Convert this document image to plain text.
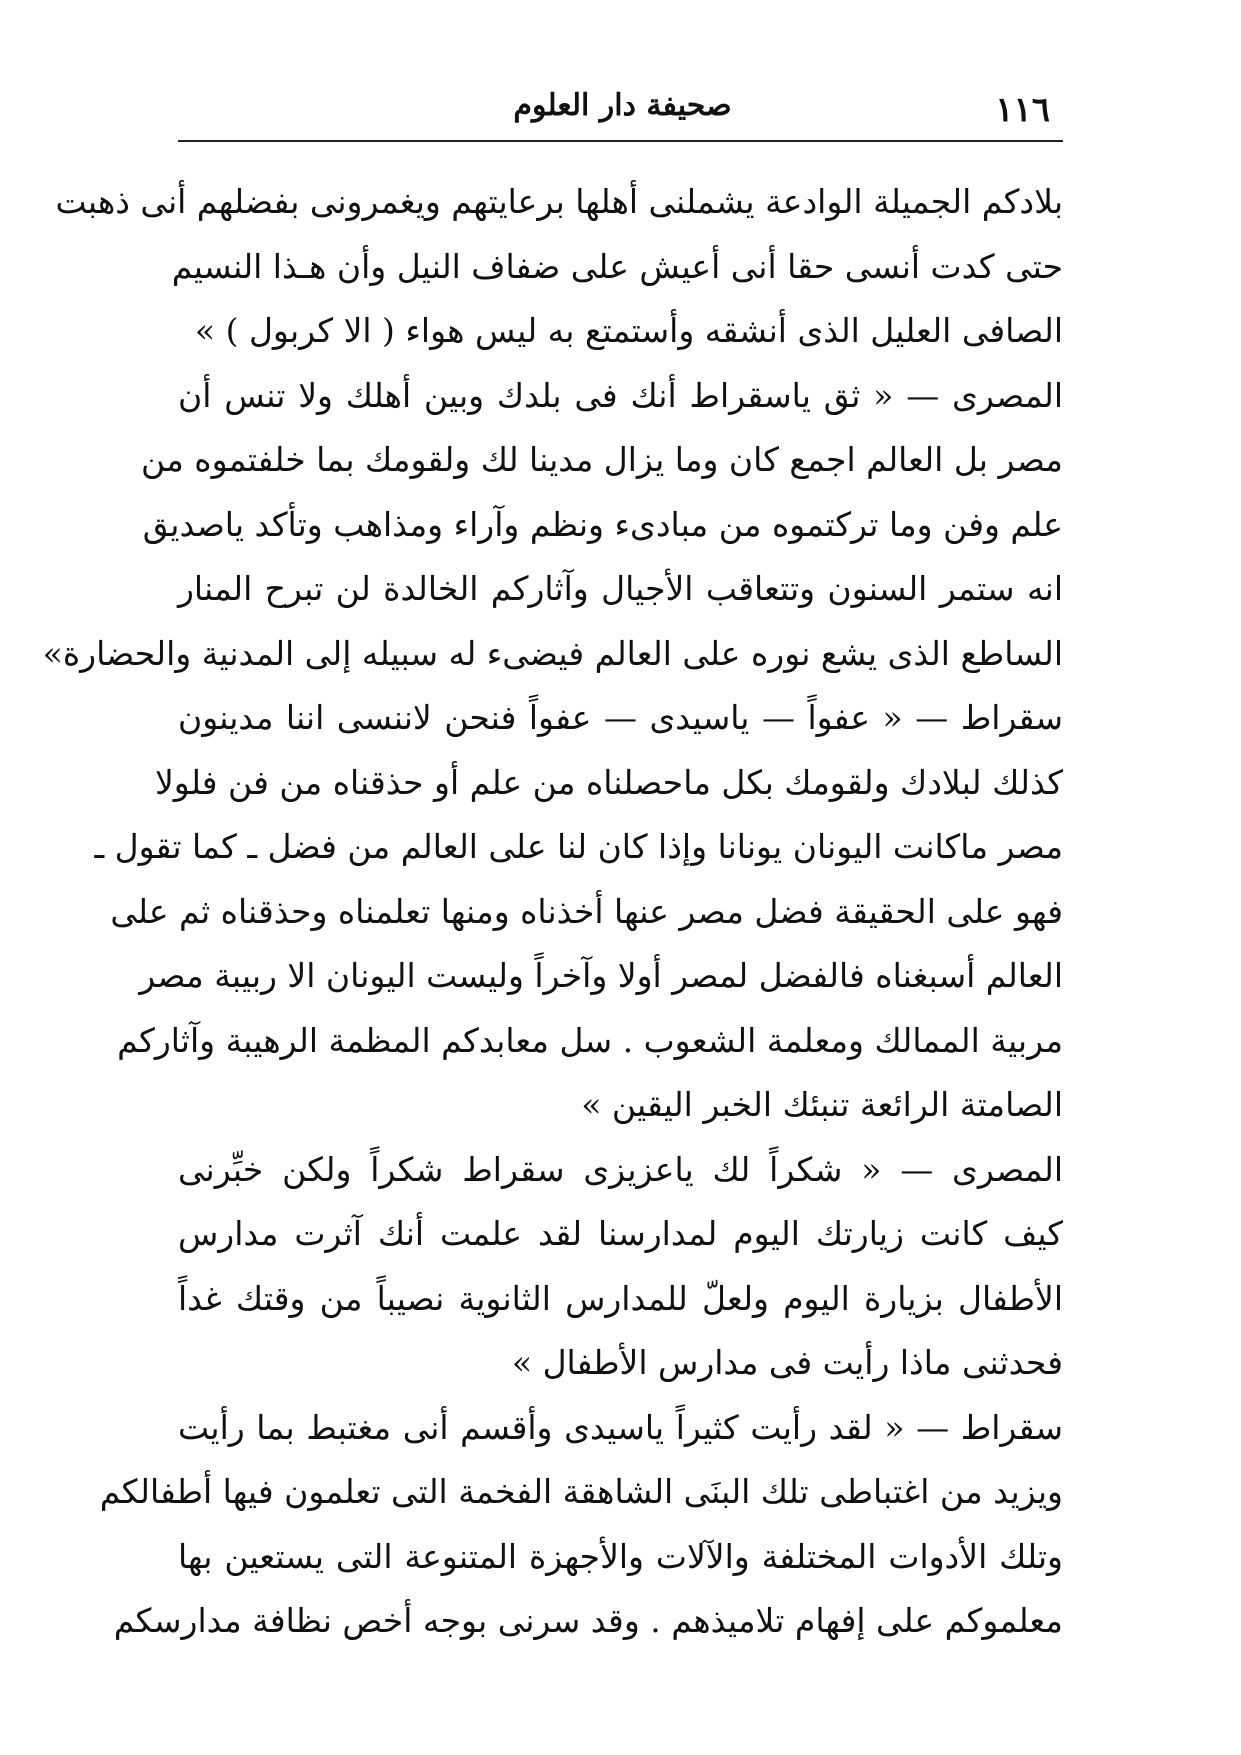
١١٦
صحيفة دار العلوم
بلادكم الجميلة الوادعة يشملنى أهلها برعايتهم ويغمرونى بفضلهم أنى ذهبت
حتى كدت أنسى حقا أنى أعيش على ضفاف النيل وأن هـذا النسيم
الصافى العليل الذى أنشقه وأستمتع به ليس هواء ( الا كربول ) »
المصرى — « ثق ياسقراط أنك فى بلدك وبين أهلك ولا تنس أن
مصر بل العالم اجمع كان وما يزال مدينا لك ولقومك بما خلفتموه من
علم وفن وما تركتموه من مبادىء ونظم وآراء ومذاهب وتأكد ياصديق
انه ستمر السنون وتتعاقب الأجيال وآثاركم الخالدة لن تبرح المنار
الساطع الذى يشع نوره على العالم فيضىء له سبيله إلى المدنية والحضارة»
سقراط — « عفواً — ياسيدى — عفواً فنحن لاننسى اننا مدينون
كذلك لبلادك ولقومك بكل ماحصلناه من علم أو حذقناه من فن فلولا
مصر ماكانت اليونان يونانا وإذا كان لنا على العالم من فضل ـ كما تقول ـ
فهو على الحقيقة فضل مصر عنها أخذناه ومنها تعلمناه وحذقناه ثم على
العالم أسبغناه فالفضل لمصر أولا وآخراً وليست اليونان الا ربيبة مصر
مربية الممالك ومعلمة الشعوب . سل معابدكم المظمة الرهيبة وآثاركم
الصامتة الرائعة تنبئك الخبر اليقين »
المصرى — « شكراً لك ياعزيزى سقراط شكراً ولكن خبِّرنى
كيف كانت زيارتك اليوم لمدارسنا لقد علمت أنك آثرت مدارس
الأطفال بزيارة اليوم ولعلّ للمدارس الثانوية نصيباً من وقتك غداً
فحدثنى ماذا رأيت فى مدارس الأطفال »
سقراط — « لقد رأيت كثيراً ياسيدى وأقسم أنى مغتبط بما رأيت
ويزيد من اغتباطى تلك البنَى الشاهقة الفخمة التى تعلمون فيها أطفالكم
وتلك الأدوات المختلفة والآلات والأجهزة المتنوعة التى يستعين بها
معلموكم على إفهام تلاميذهم . وقد سرنى بوجه أخص نظافة مدارسكم
